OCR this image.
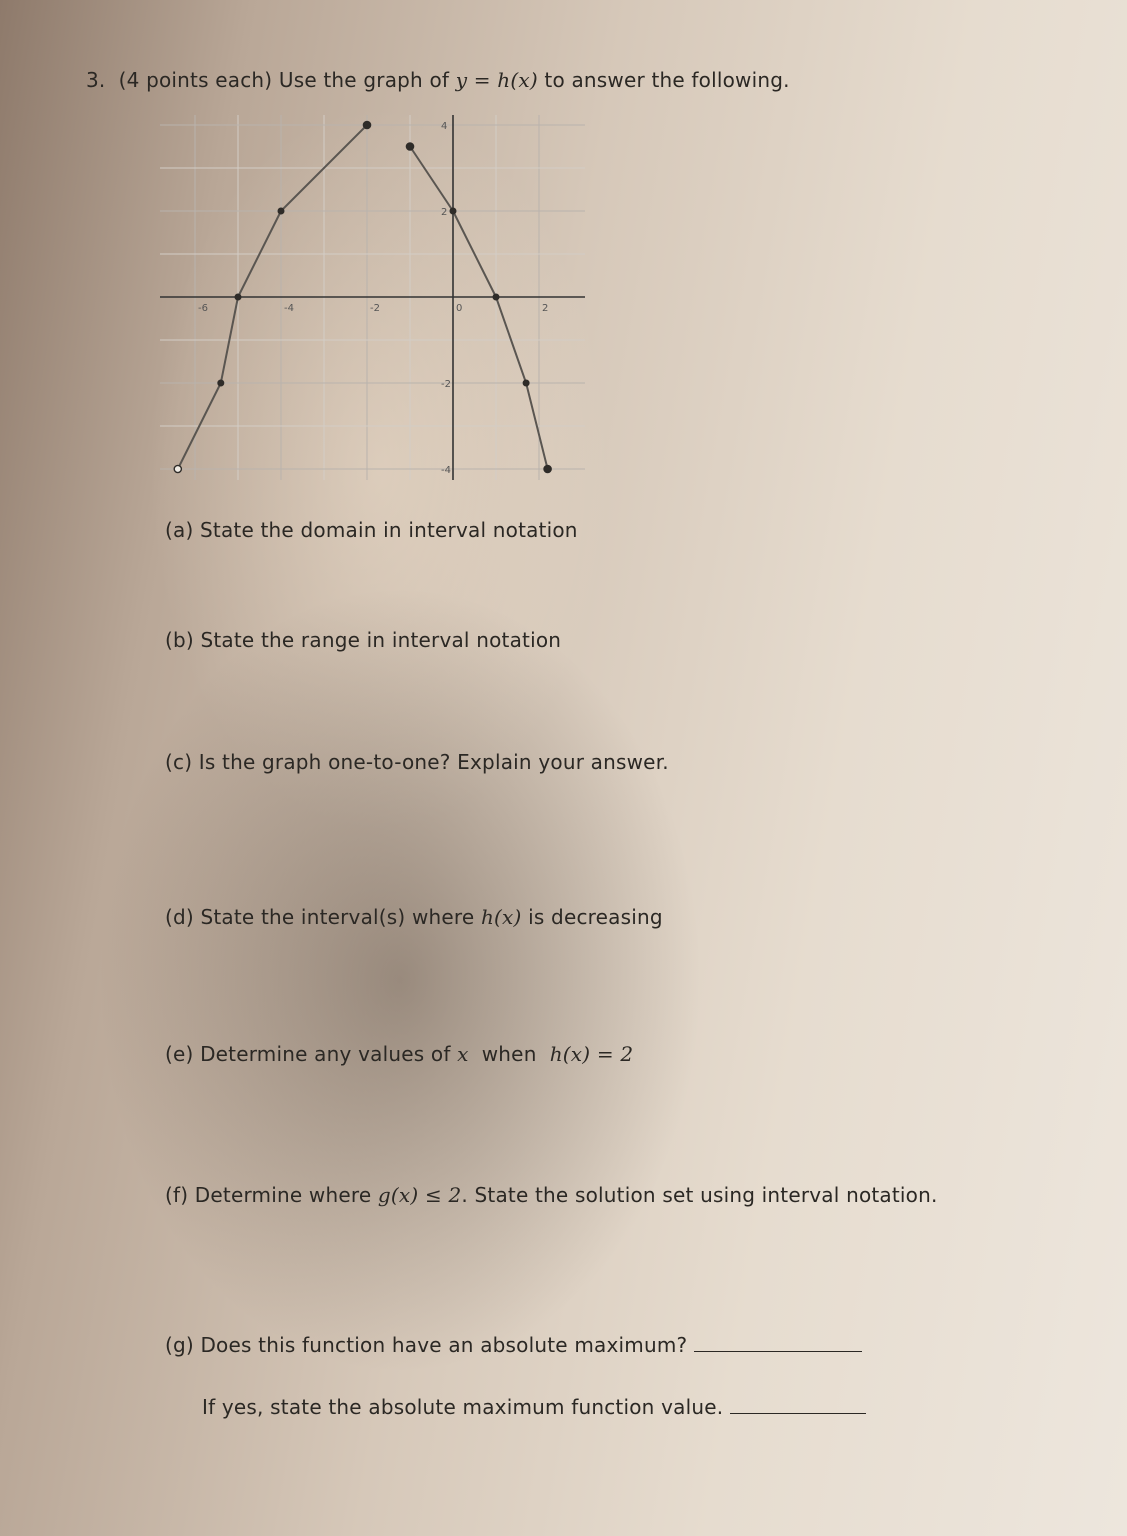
3. (4 points each) Use the graph of y = h(x) to answer the following.
-6	-4	-2	0	2
4
2
-2
-4
(a) State the domain in interval notation
(b) State the range in interval notation
(c) Is the graph one-to-one? Explain your answer.
(d) State the interval(s) where h(x) is decreasing
(e) Determine any values of x when h(x) = 2
(f) Determine where g(x) ≤ 2. State the solution set using interval notation.
(g) Does this function have an absolute maximum?
If yes, state the absolute maximum function value.
